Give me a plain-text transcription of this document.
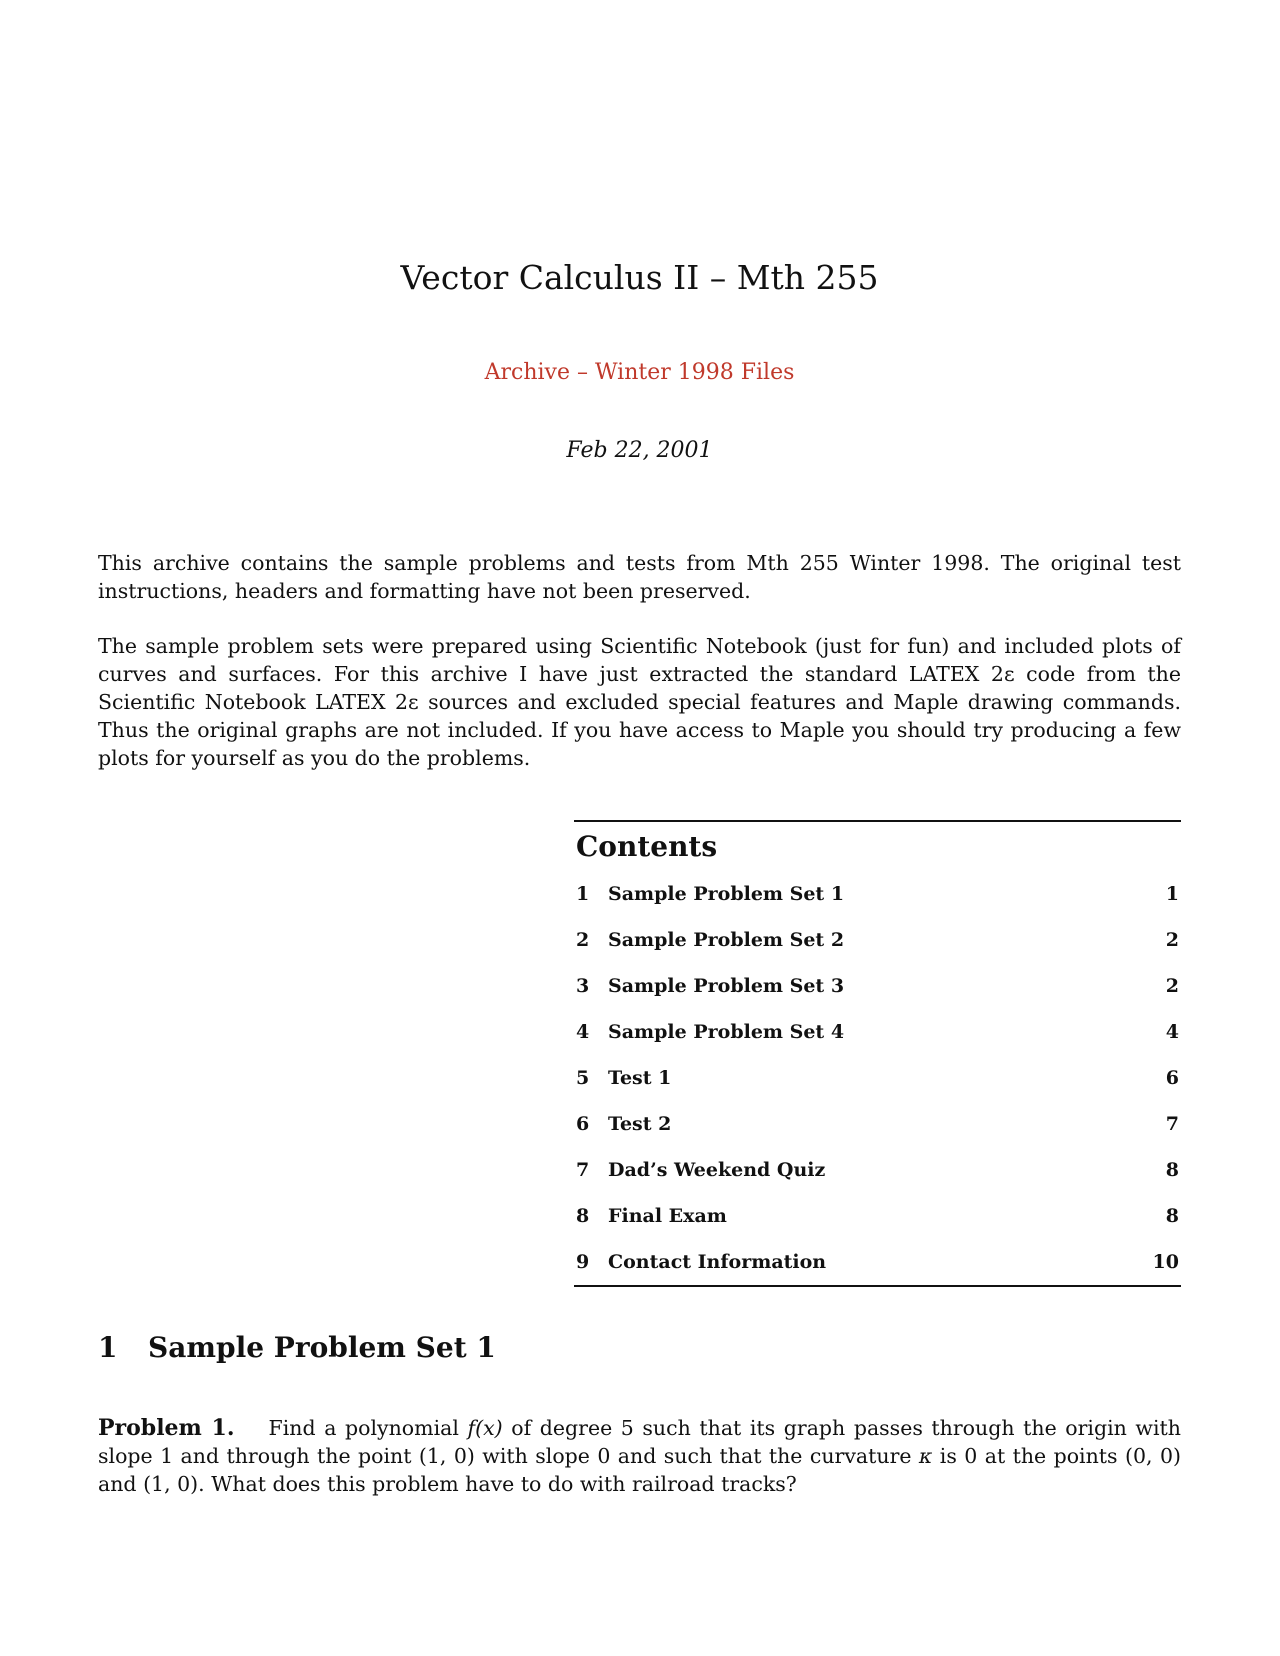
Vector Calculus II – Mth 255
Archive – Winter 1998 Files
Feb 22, 2001

This archive contains the sample problems and tests from Mth 255 Winter 1998. The original test instructions, headers and formatting have not been preserved.

The sample problem sets were prepared using Scientific Notebook (just for fun) and included plots of curves and surfaces. For this archive I have just extracted the standard LATEX 2ε code from the Scientific Notebook LATEX 2ε sources and excluded special features and Maple drawing commands. Thus the original graphs are not included. If you have access to Maple you should try producing a few plots for yourself as you do the problems.

Contents
1 Sample Problem Set 1	1
2 Sample Problem Set 2	2
3 Sample Problem Set 3	2
4 Sample Problem Set 4	4
5 Test 1	6
6 Test 2	7
7 Dad’s Weekend Quiz	8
8 Final Exam	8
9 Contact Information	10
1 Sample Problem Set 1

Problem 1. Find a polynomial f(x) of degree 5 such that its graph passes through the origin with slope 1 and through the point (1, 0) with slope 0 and such that the curvature κ is 0 at the points (0, 0) and (1, 0). What does this problem have to do with railroad tracks?
